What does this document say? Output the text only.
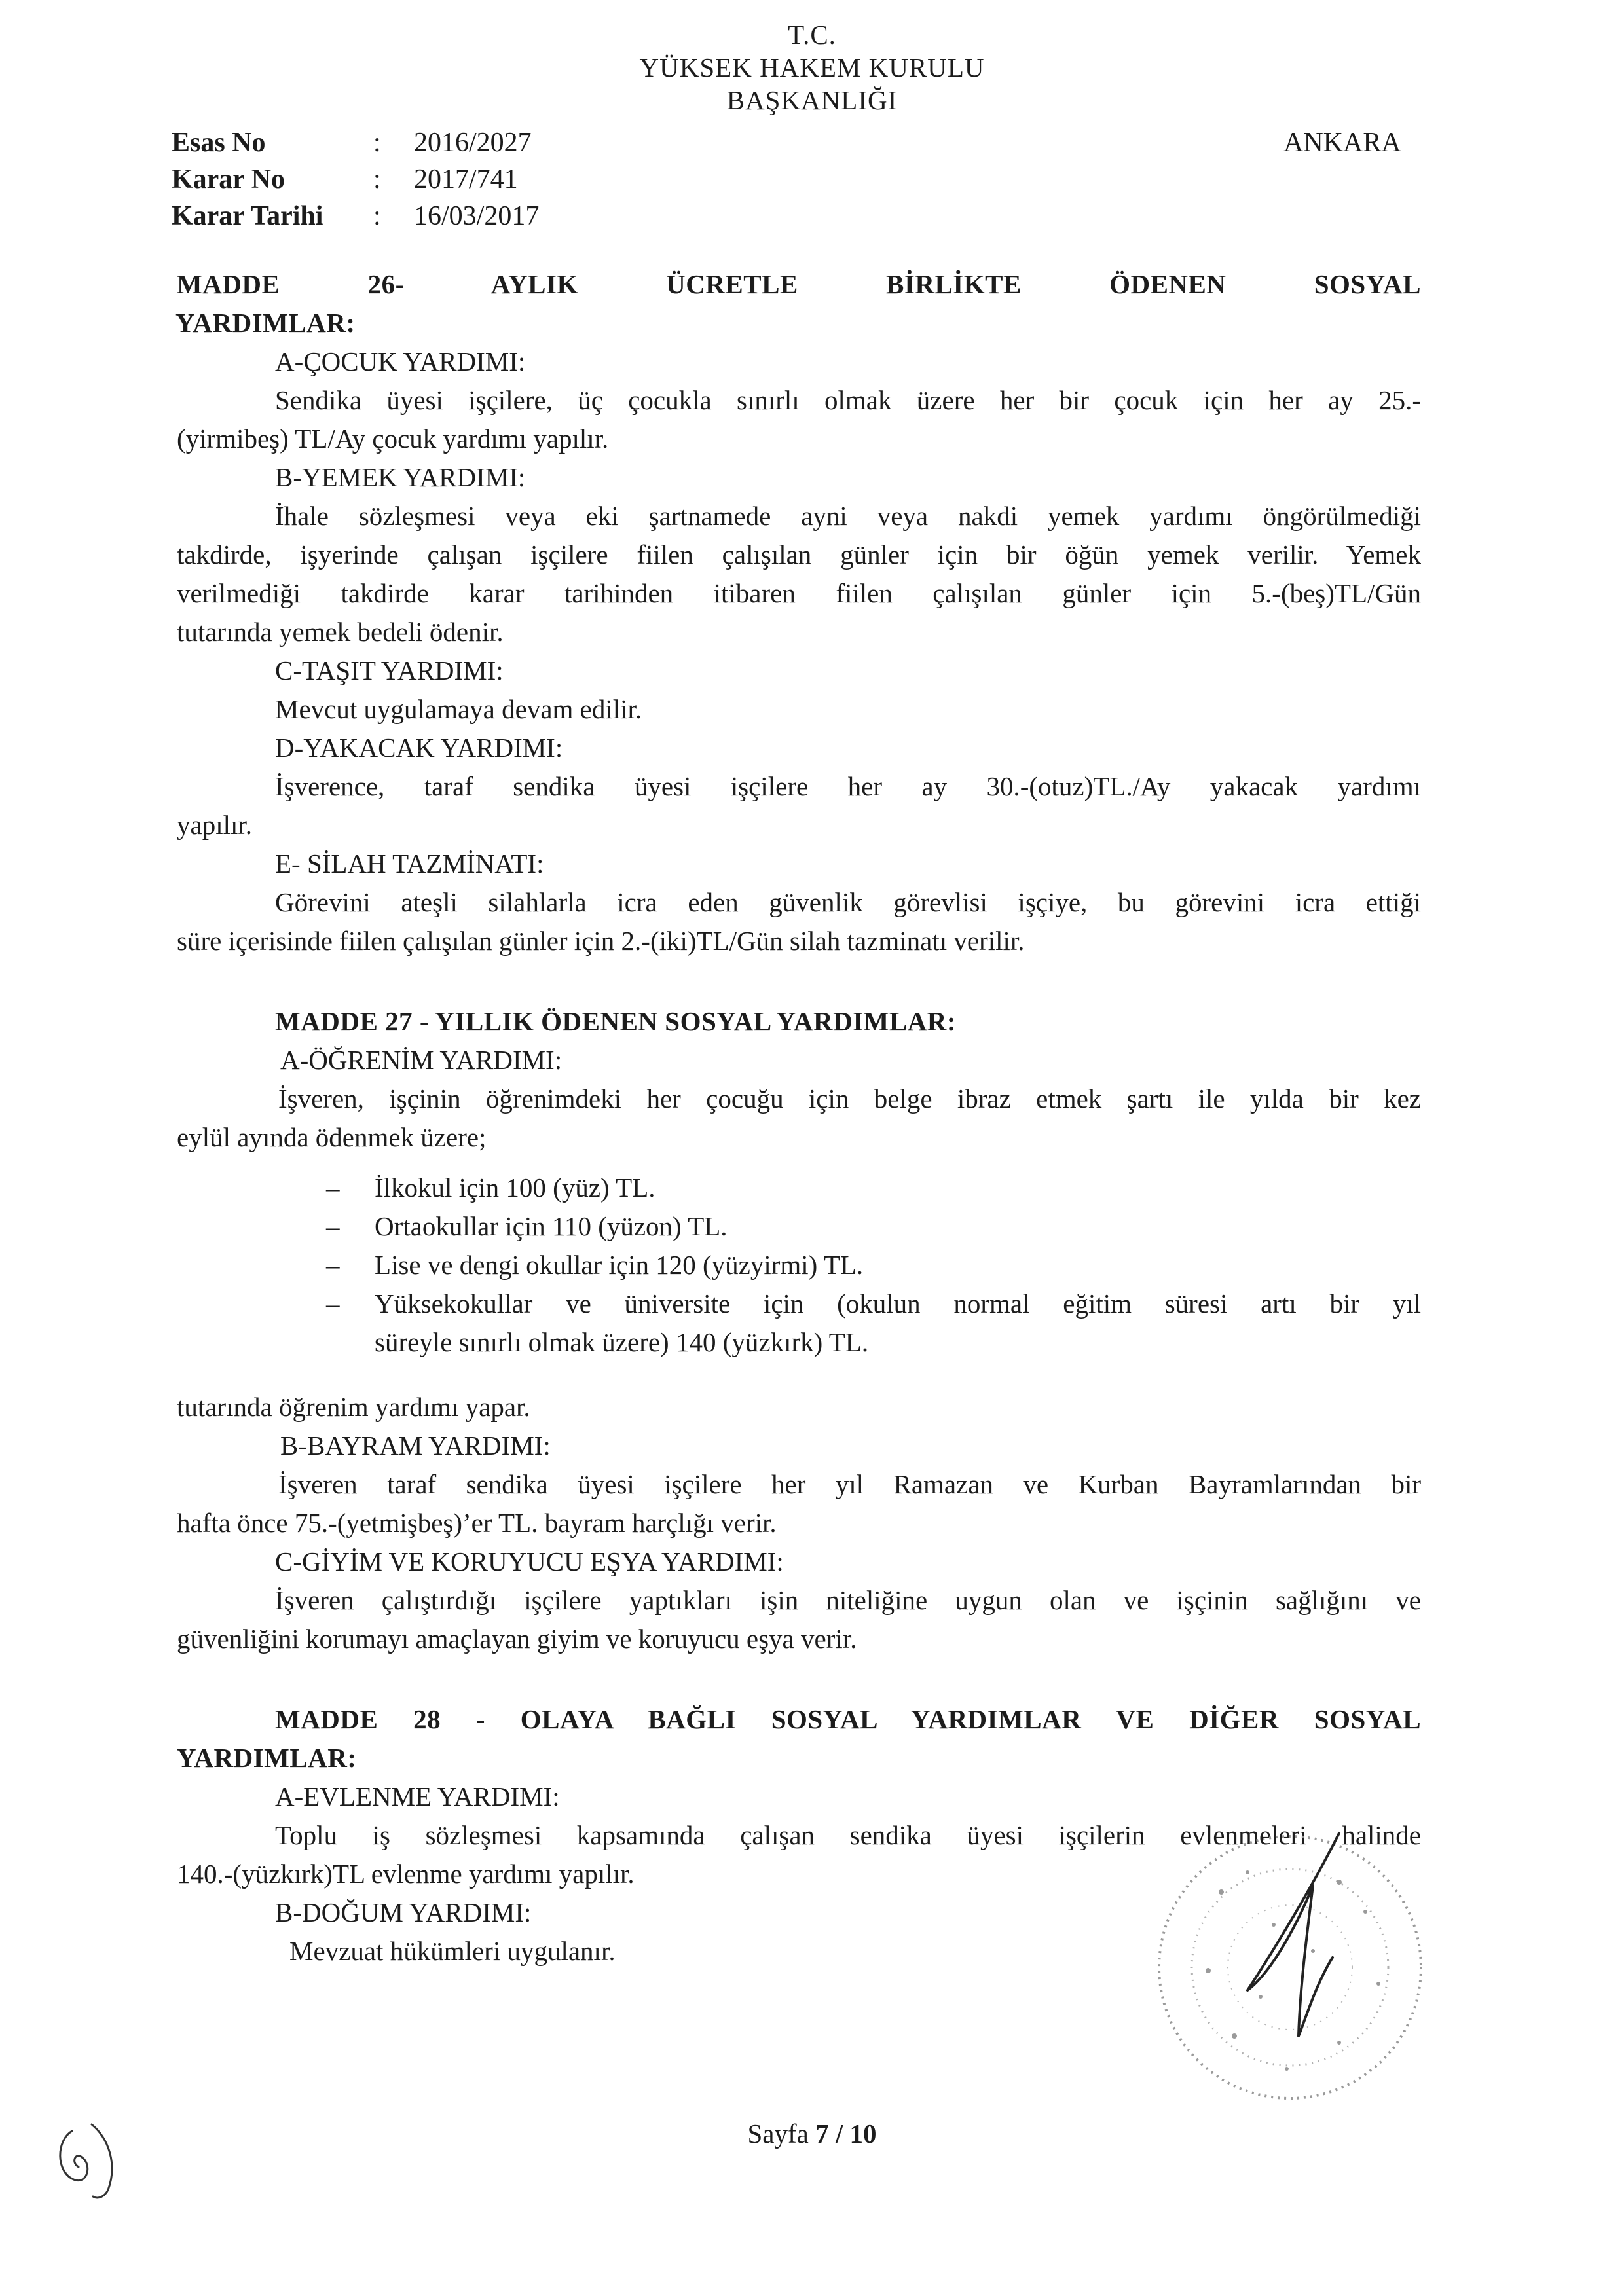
T.C.
YÜKSEK HAKEM KURULU
BAŞKANLIĞI
Esas No	: 2016/2027
Karar No	: 2017/741
Karar Tarihi : 16/03/2017
ANKARA

MADDE	26-	AYLIK	ÜCRETLE	BİRLİKTE	ÖDENEN	SOSYAL

YARDIMLAR:

A-ÇOCUK YARDIMI:

Sendika üyesi işçilere, üç çocukla sınırlı olmak üzere her bir çocuk için her ay 25.-

(yirmibeş) TL/Ay çocuk yardımı yapılır.

B-YEMEK YARDIMI:

İhale sözleşmesi veya eki şartnamede ayni veya nakdi yemek yardımı öngörülmediği

takdirde, işyerinde çalışan işçilere fiilen çalışılan günler için bir öğün yemek verilir. Yemek

verilmediği takdirde karar tarihinden itibaren fiilen çalışılan günler için 5.-(beş)TL/Gün

tutarında yemek bedeli ödenir.

C-TAŞIT YARDIMI:

Mevcut uygulamaya devam edilir.

D-YAKACAK YARDIMI:

İşverence, taraf sendika üyesi işçilere her ay 30.-(otuz)TL./Ay yakacak yardımı

yapılır.

E- SİLAH TAZMİNATI:

Görevini ateşli silahlarla icra eden güvenlik görevlisi işçiye, bu görevini icra ettiği

süre içerisinde fiilen çalışılan günler için 2.-(iki)TL/Gün silah tazminatı verilir.

MADDE 27 - YILLIK ÖDENEN SOSYAL YARDIMLAR:

A-ÖĞRENİM YARDIMI:

İşveren, işçinin öğrenimdeki her çocuğu için belge ibraz etmek şartı ile yılda bir kez

eylül ayında ödenmek üzere;

– İlkokul için 100 (yüz) TL.

– Ortaokullar için 110 (yüzon) TL.

– Lise ve dengi okullar için 120 (yüzyirmi) TL.

– Yüksekokullar ve üniversite için (okulun normal eğitim süresi artı bir yıl

süreyle sınırlı olmak üzere) 140 (yüzkırk) TL.

tutarında öğrenim yardımı yapar.

B-BAYRAM YARDIMI:

İşveren taraf sendika üyesi işçilere her yıl Ramazan ve Kurban Bayramlarından bir

hafta önce 75.-(yetmişbeş)’er TL. bayram harçlığı verir.

C-GİYİM VE KORUYUCU EŞYA YARDIMI:

İşveren çalıştırdığı işçilere yaptıkları işin niteliğine uygun olan ve işçinin sağlığını ve

güvenliğini korumayı amaçlayan giyim ve koruyucu eşya verir.

MADDE 28 - OLAYA BAĞLI SOSYAL YARDIMLAR VE DİĞER SOSYAL

YARDIMLAR:

A-EVLENME YARDIMI:

Toplu iş sözleşmesi kapsamında çalışan sendika üyesi işçilerin evlenmeleri halinde

140.-(yüzkırk)TL evlenme yardımı yapılır.

B-DOĞUM YARDIMI:

Mevzuat hükümleri uygulanır.

Sayfa 7 / 10
